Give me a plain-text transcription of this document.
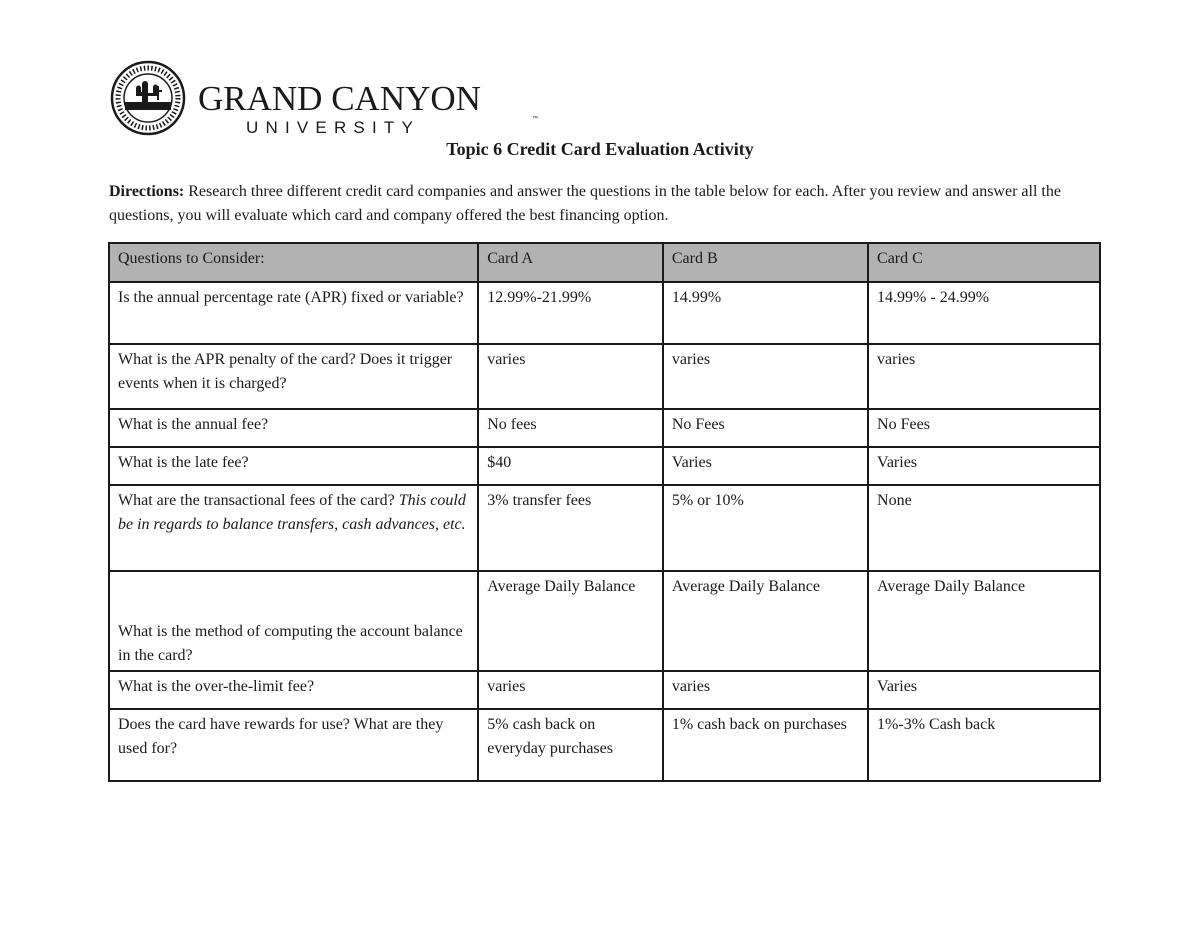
GRAND CANYON
UNIVERSITY	™
Topic 6 Credit Card Evaluation Activity
Directions: Research three different credit card companies and answer the questions in the table below for each. After you review and answer all the questions, you will evaluate which card and company offered the best financing option.
Questions to Consider:	Card A	Card B	Card C
Is the annual percentage rate (APR) fixed or variable?	12.99%-21.99%	14.99%	14.99% - 24.99%
What is the APR penalty of the card? Does it trigger events when it is charged?	varies	varies	varies
What is the annual fee?	No fees	No Fees	No Fees
What is the late fee?	$40	Varies	Varies
What are the transactional fees of the card? This could be in regards to balance transfers, cash advances, etc.	3% transfer fees	5% or 10%	None
What is the method of computing the account balance in the card?	Average Daily Balance	Average Daily Balance	Average Daily Balance
What is the over-the-limit fee?	varies	varies	Varies
Does the card have rewards for use? What are they used for?	5% cash back on everyday purchases	1% cash back on purchases	1%-3% Cash back
